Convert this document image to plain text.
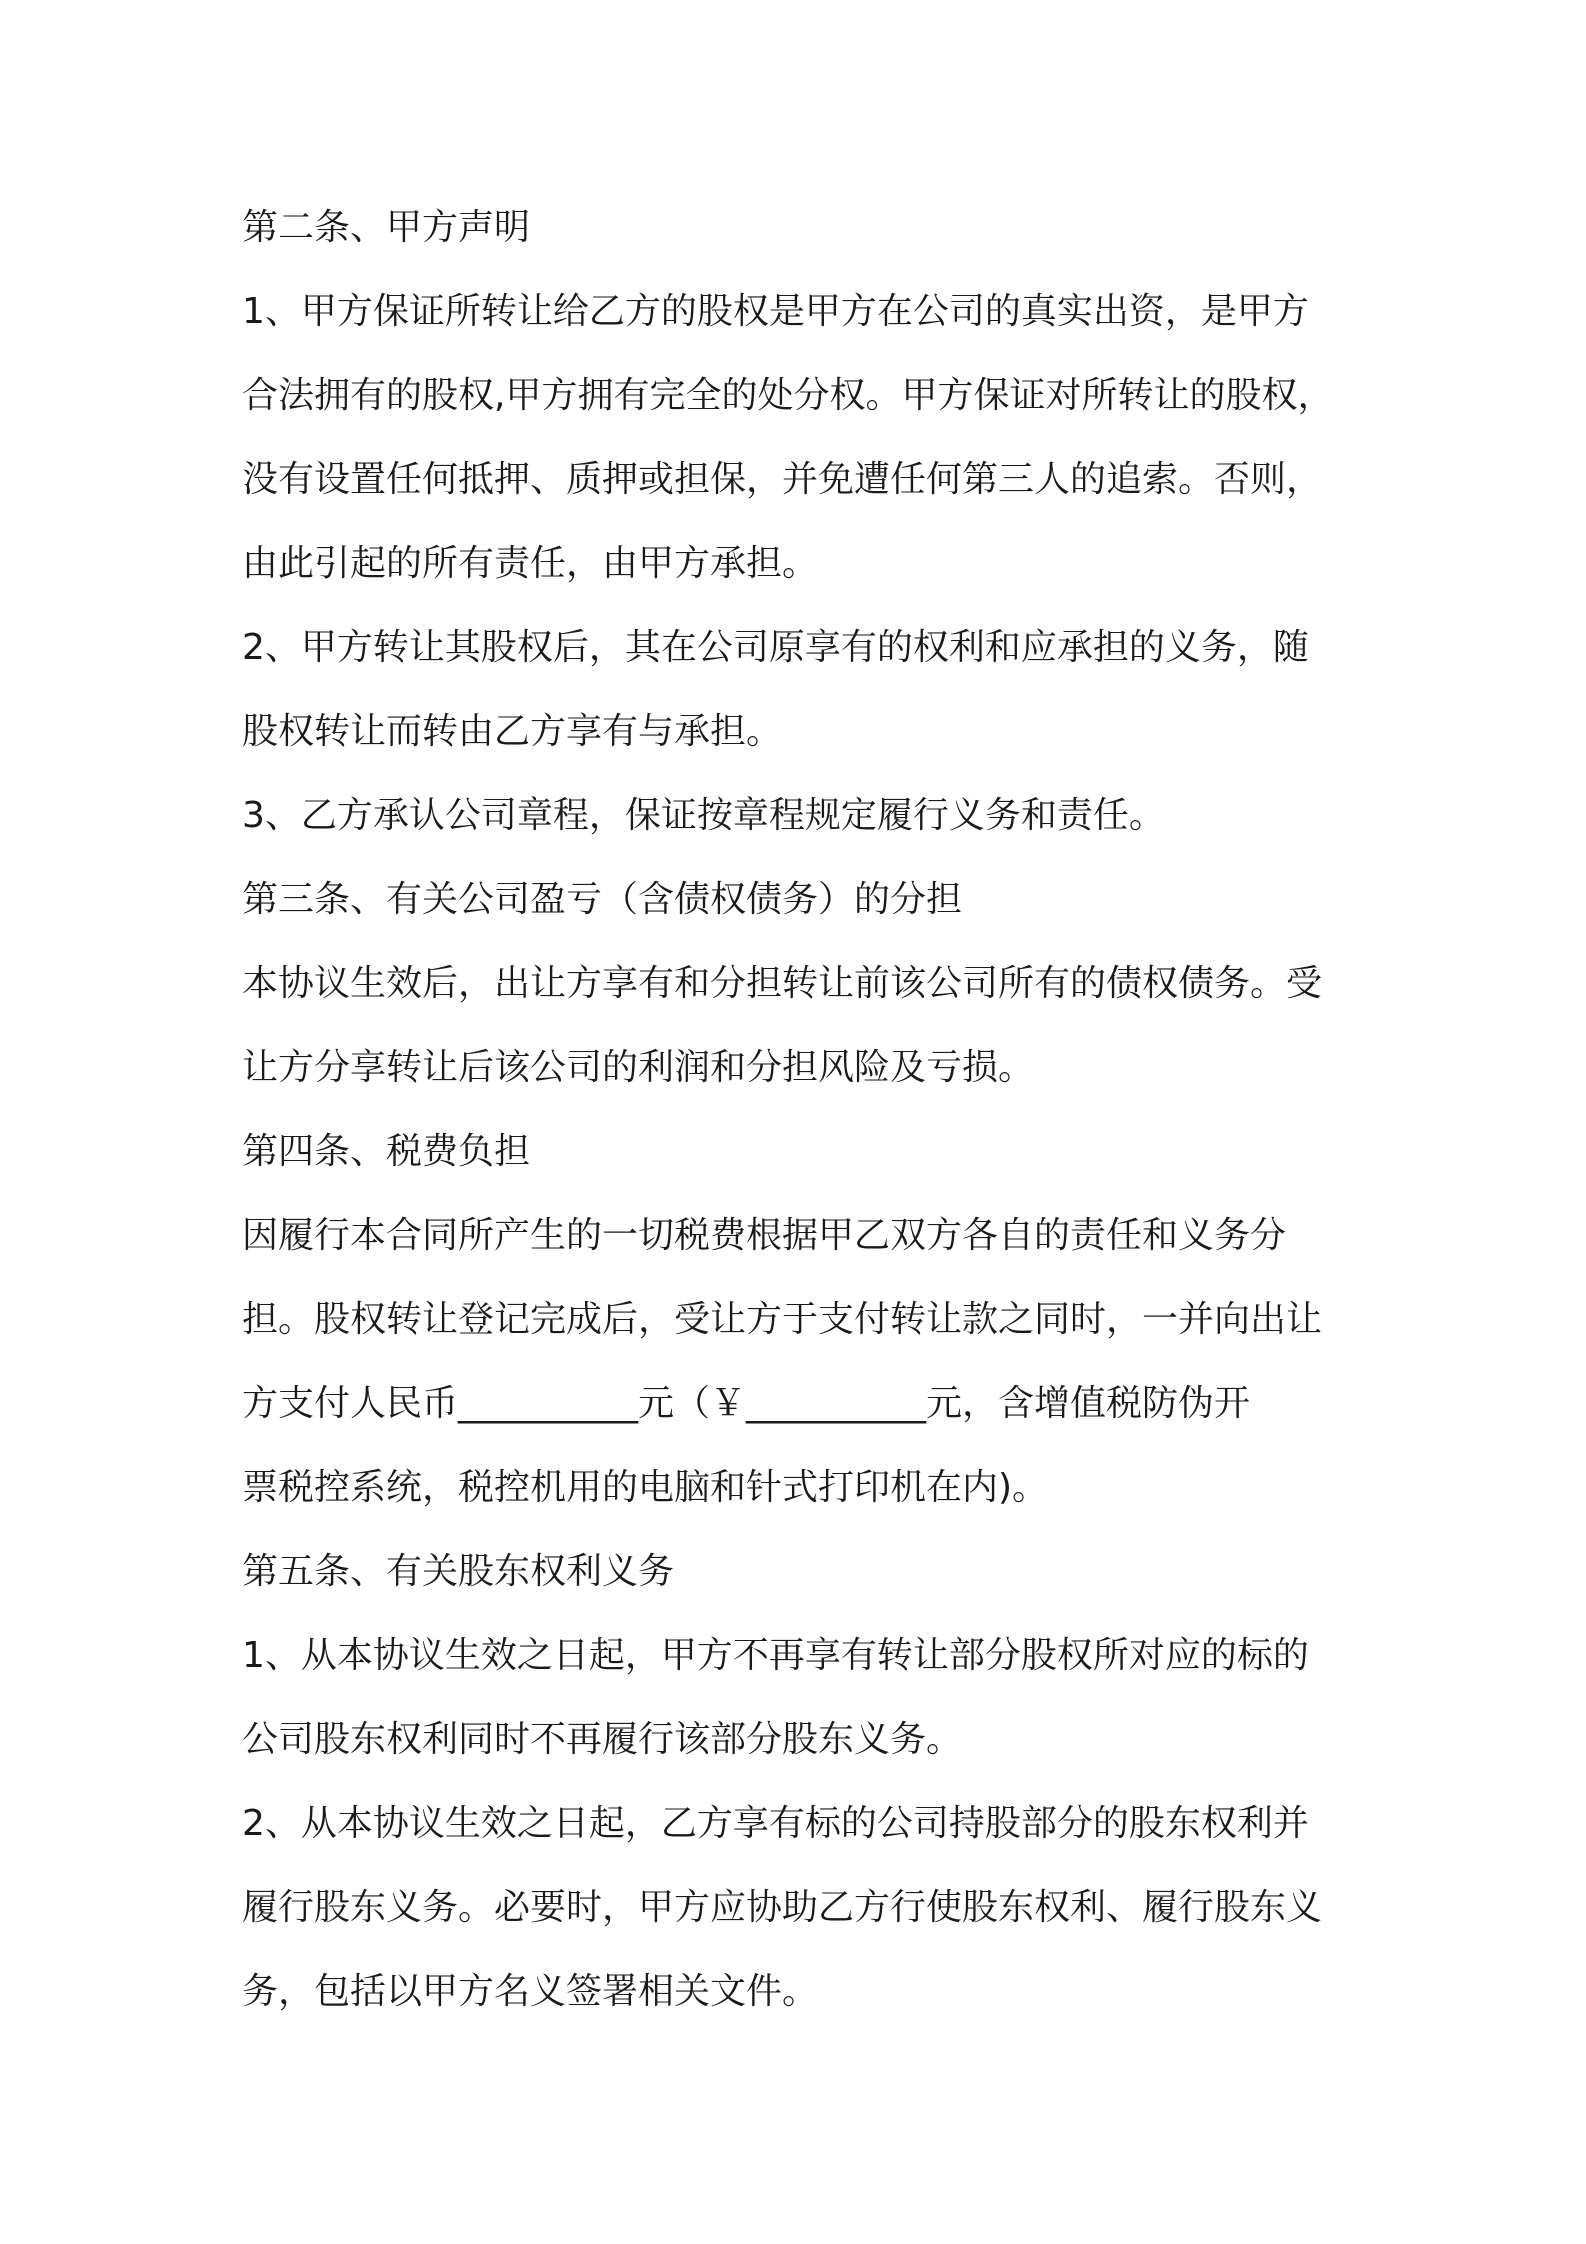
第二条、甲方声明
1、甲方保证所转让给乙方的股权是甲方在公司的真实出资，是甲方
合法拥有的股权,甲方拥有完全的处分权。甲方保证对所转让的股权，
没有设置任何抵押、质押或担保，并免遭任何第三人的追索。否则，
由此引起的所有责任，由甲方承担。
2、甲方转让其股权后，其在公司原享有的权利和应承担的义务，随
股权转让而转由乙方享有与承担。
3、乙方承认公司章程，保证按章程规定履行义务和责任。
第三条、有关公司盈亏（含债权债务）的分担
本协议生效后，出让方享有和分担转让前该公司所有的债权债务。受
让方分享转让后该公司的利润和分担风险及亏损。
第四条、税费负担
因履行本合同所产生的一切税费根据甲乙双方各自的责任和义务分
担。股权转让登记完成后，受让方于支付转让款之同时，一并向出让
方支付人民币__________元（￥__________元，含增值税防伪开
票税控系统，税控机用的电脑和针式打印机在内)。
第五条、有关股东权利义务
1、从本协议生效之日起，甲方不再享有转让部分股权所对应的标的
公司股东权利同时不再履行该部分股东义务。
2、从本协议生效之日起，乙方享有标的公司持股部分的股东权利并
履行股东义务。必要时，甲方应协助乙方行使股东权利、履行股东义
务，包括以甲方名义签署相关文件。
